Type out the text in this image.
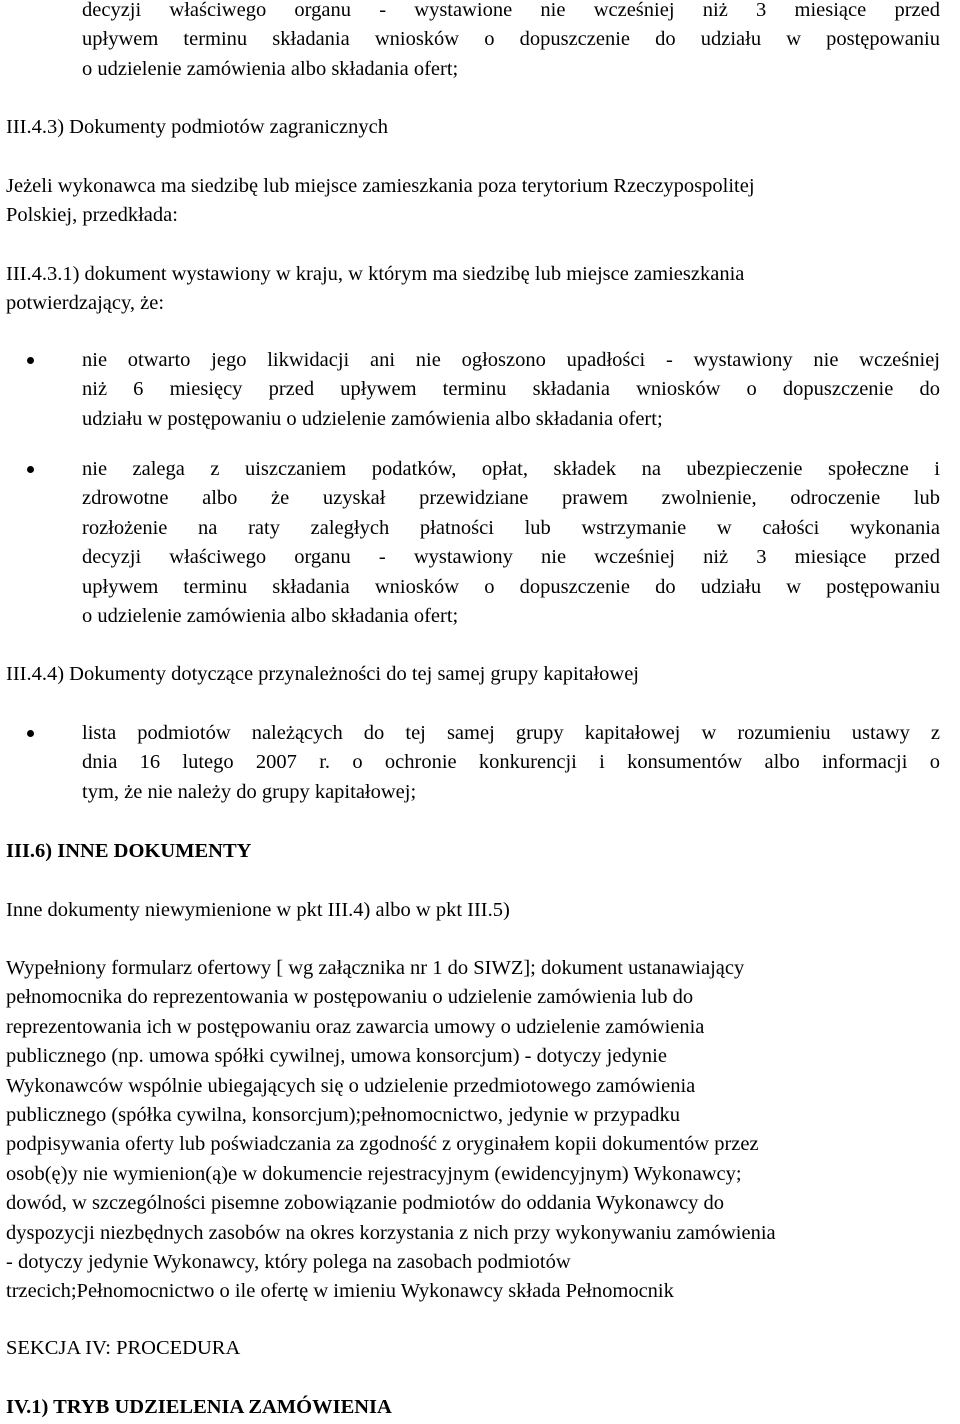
decyzji właściwego organu - wystawione nie wcześniej niż 3 miesiące przed
upływem terminu składania wniosków o dopuszczenie do udziału w postępowaniu
o udzielenie zamówienia albo składania ofert;
III.4.3) Dokumenty podmiotów zagranicznych
Jeżeli wykonawca ma siedzibę lub miejsce zamieszkania poza terytorium Rzeczypospolitej
Polskiej, przedkłada:
III.4.3.1) dokument wystawiony w kraju, w którym ma siedzibę lub miejsce zamieszkania
potwierdzający, że:
nie otwarto jego likwidacji ani nie ogłoszono upadłości - wystawiony nie wcześniej
niż 6 miesięcy przed upływem terminu składania wniosków o dopuszczenie do
udziału w postępowaniu o udzielenie zamówienia albo składania ofert;
nie zalega z uiszczaniem podatków, opłat, składek na ubezpieczenie społeczne i
zdrowotne albo że uzyskał przewidziane prawem zwolnienie, odroczenie lub
rozłożenie na raty zaległych płatności lub wstrzymanie w całości wykonania
decyzji właściwego organu - wystawiony nie wcześniej niż 3 miesiące przed
upływem terminu składania wniosków o dopuszczenie do udziału w postępowaniu
o udzielenie zamówienia albo składania ofert;
III.4.4) Dokumenty dotyczące przynależności do tej samej grupy kapitałowej
lista podmiotów należących do tej samej grupy kapitałowej w rozumieniu ustawy z
dnia 16 lutego 2007 r. o ochronie konkurencji i konsumentów albo informacji o
tym, że nie należy do grupy kapitałowej;
III.6) INNE DOKUMENTY
Inne dokumenty niewymienione w pkt III.4) albo w pkt III.5)
Wypełniony formularz ofertowy [ wg załącznika nr 1 do SIWZ]; dokument ustanawiający
pełnomocnika do reprezentowania w postępowaniu o udzielenie zamówienia lub do
reprezentowania ich w postępowaniu oraz zawarcia umowy o udzielenie zamówienia
publicznego (np. umowa spółki cywilnej, umowa konsorcjum) - dotyczy jedynie
Wykonawców wspólnie ubiegających się o udzielenie przedmiotowego zamówienia
publicznego (spółka cywilna, konsorcjum);pełnomocnictwo, jedynie w przypadku
podpisywania oferty lub poświadczania za zgodność z oryginałem kopii dokumentów przez
osob(ę)y nie wymienion(ą)e w dokumencie rejestracyjnym (ewidencyjnym) Wykonawcy;
dowód, w szczególności pisemne zobowiązanie podmiotów do oddania Wykonawcy do
dyspozycji niezbędnych zasobów na okres korzystania z nich przy wykonywaniu zamówienia
- dotyczy jedynie Wykonawcy, który polega na zasobach podmiotów
trzecich;Pełnomocnictwo o ile ofertę w imieniu Wykonawcy składa Pełnomocnik
SEKCJA IV: PROCEDURA
IV.1) TRYB UDZIELENIA ZAMÓWIENIA
